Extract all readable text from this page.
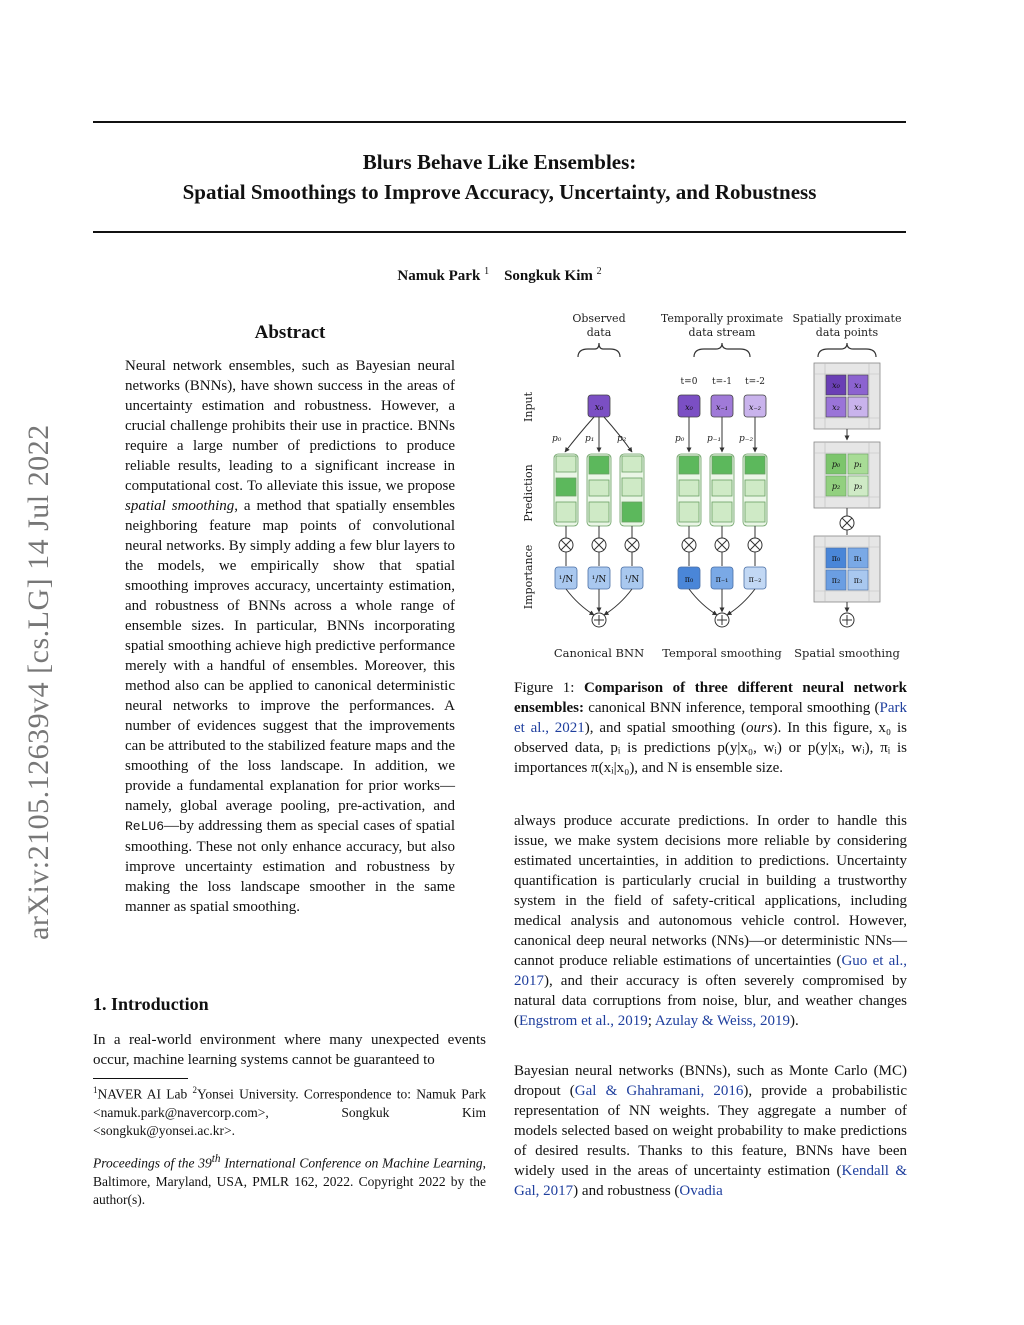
Blurs Behave Like Ensembles:
Spatial Smoothings to Improve Accuracy, Uncertainty, and Robustness
Namuk Park $^1$ Songkuk Kim $^2$
arXiv:2105.12639v4 [cs.LG] 14 Jul 2022
Abstract
Neural network ensembles, such as Bayesian neural networks (BNNs), have shown success in the areas of uncertainty estimation and robustness. However, a crucial challenge prohibits their use in practice. BNNs require a large number of predictions to produce reliable results, leading to a significant increase in computational cost. To alleviate this issue, we propose spatial smoothing, a method that spatially ensembles neighboring feature map points of convolutional neural networks. By simply adding a few blur layers to the models, we empirically show that spatial smoothing improves accuracy, uncertainty estimation, and robustness of BNNs across a whole range of ensemble sizes. In particular, BNNs incorporating spatial smoothing achieve high predictive performance merely with a handful of ensembles. Moreover, this method also can be applied to canonical deterministic neural networks to improve the performances. A number of evidences suggest that the improvements can be attributed to the stabilized feature maps and the smoothing of the loss landscape. In addition, we provide a fundamental explanation for prior works—namely, global average pooling, pre-activation, and ReLU6—by addressing them as special cases of spatial smoothing. These not only enhance accuracy, but also improve uncertainty estimation and robustness by making the loss landscape smoother in the same manner as spatial smoothing.
1. Introduction
In a real-world environment where many unexpected events occur, machine learning systems cannot be guaranteed to
$^1$NAVER AI Lab $^2$Yonsei University. Correspondence to: Namuk Park <namuk.park@navercorp.com>, Songkuk Kim <songkuk@yonsei.ac.kr>.
Proceedings of the 39th International Conference on Machine Learning, Baltimore, Maryland, USA, PMLR 162, 2022. Copyright 2022 by the author(s).
Observed
data
Temporally proximate
data stream
Spatially proximate
data points
Input
Prediction
Importance
x₀
p₀	p₁	p₂
¹/N ¹/N ¹/N
t=0 t=-1 t=-2
x₀	x₋₁	x₋₂
p₀	p₋₁ p₋₂
π₀	π₋₁	π₋₂
x₀ x₁
x₂ x₃
p₀ p₁
p₂ p₃
π₀ π₁
π₂ π₃
Canonical BNN Temporal smoothing Spatial smoothing
Figure 1: Comparison of three different neural network ensembles: canonical BNN inference, temporal smoothing (Park et al., 2021), and spatial smoothing (ours). In this figure, x₀ is observed data, pᵢ is predictions p(y|x₀, wᵢ) or p(y|xᵢ, wᵢ), πᵢ is importances π(xᵢ|x₀), and N is ensemble size.
always produce accurate predictions. In order to handle this issue, we make system decisions more reliable by considering estimated uncertainties, in addition to predictions. Uncertainty quantification is particularly crucial in building a trustworthy system in the field of safety-critical applications, including medical analysis and autonomous vehicle control. However, canonical deep neural networks (NNs)—or deterministic NNs—cannot produce reliable estimations of uncertainties (Guo et al., 2017), and their accuracy is often severely compromised by natural data corruptions from noise, blur, and weather changes (Engstrom et al., 2019; Azulay & Weiss, 2019).
Bayesian neural networks (BNNs), such as Monte Carlo (MC) dropout (Gal & Ghahramani, 2016), provide a probabilistic representation of NN weights. They aggregate a number of models selected based on weight probability to make predictions of desired results. Thanks to this feature, BNNs have been widely used in the areas of uncertainty estimation (Kendall & Gal, 2017) and robustness (Ovadia
